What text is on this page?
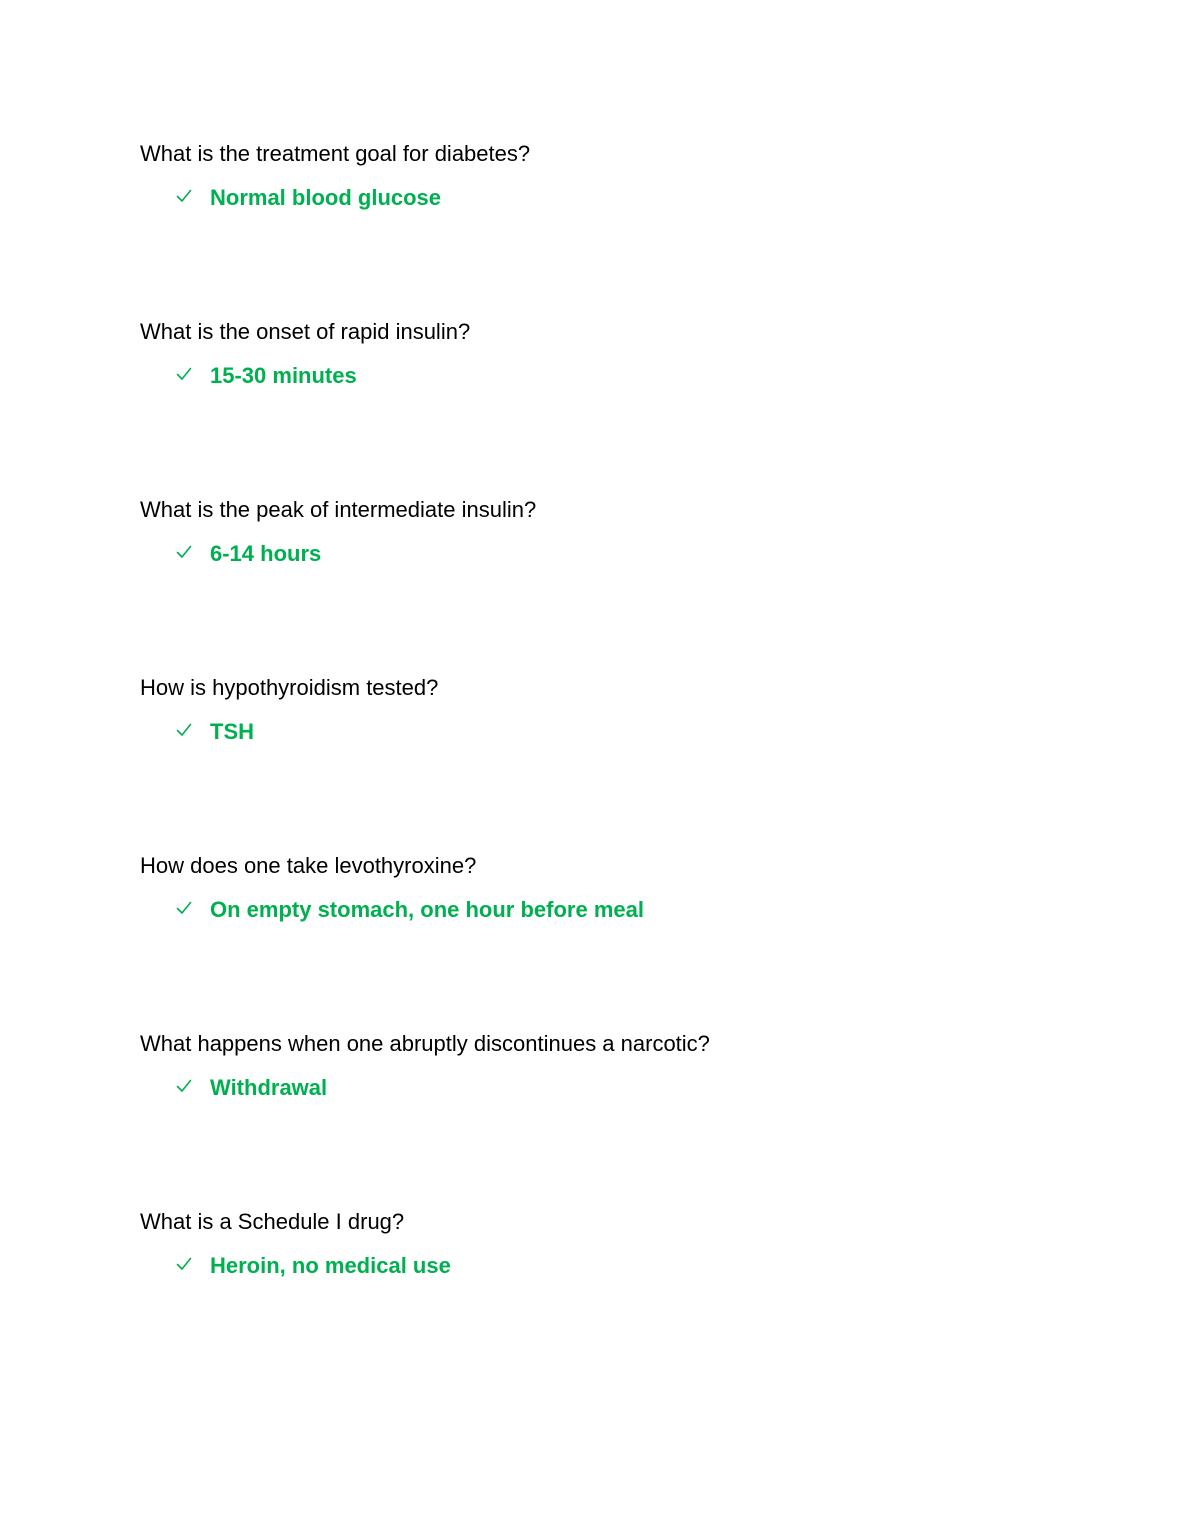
What is the treatment goal for diabetes?
Normal blood glucose
What is the onset of rapid insulin?
15-30 minutes
What is the peak of intermediate insulin?
6-14 hours
How is hypothyroidism tested?
TSH
How does one take levothyroxine?
On empty stomach, one hour before meal
What happens when one abruptly discontinues a narcotic?
Withdrawal
What is a Schedule I drug?
Heroin, no medical use
